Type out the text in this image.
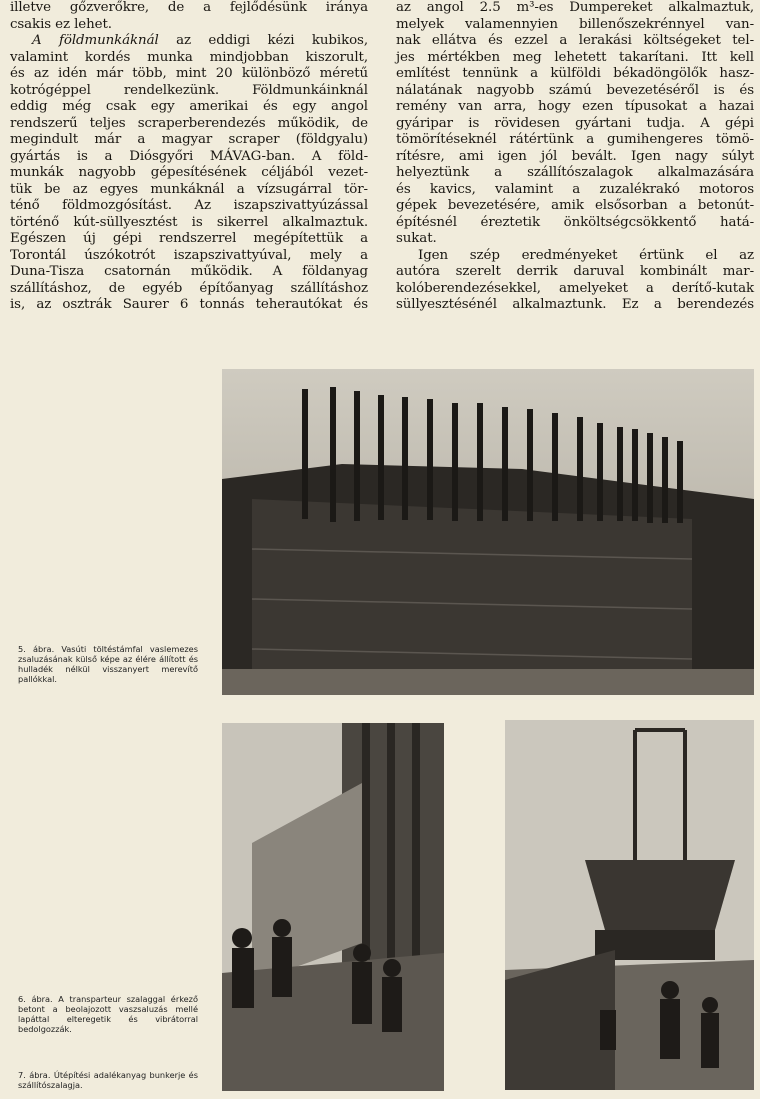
illetve gőzverőkre, de a fejlődésünk iránya
csakis ez lehet.

A földmunkáknál az eddigi kézi kubikos,
valamint kordés munka mindjobban kiszorult,
és az idén már több, mint 20 különböző méretű
kotrógéppel rendelkezünk. Földmunkáinknál
eddig még csak egy amerikai és egy angol
rendszerű teljes scraperberendezés működik, de
megindult már a magyar scraper (földgyalu)
gyártás is a Diósgyőri MÁVAG-ban. A föld-
munkák nagyobb gépesítésének céljából vezet-
tük be az egyes munkáknál a vízsugárral tör-
ténő földmozgósítást. Az iszapszivattyúzással
történő kút-süllyesztést is sikerrel alkalmaztuk.
Egészen új gépi rendszerrel megépítettük a
Torontál úszókotrót iszapszivattyúval, mely a
Duna-Tisza csatornán működik. A földanyag
szállításhoz, de egyéb építőanyag szállításhoz
is, az osztrák Saurer 6 tonnás teherautókat és

az angol 2.5 m³-es Dumpereket alkalmaztuk,
melyek valamennyien billenőszekrénnyel van-
nak ellátva és ezzel a lerakási költségeket tel-
jes mértékben meg lehetett takarítani. Itt kell
említést tennünk a külföldi békadöngölők hasz-
nálatának nagyobb számú bevezetéséről is és
remény van arra, hogy ezen típusokat a hazai
gyáripar is rövidesen gyártani tudja. A gépi
tömörítéseknél rátértünk a gumihengeres tömö-
rítésre, ami igen jól bevált. Igen nagy súlyt
helyeztünk a szállítószalagok alkalmazására
és kavics, valamint a zuzalékrakó motoros
gépek bevezetésére, amik elsősorban a betonút-
építésnél éreztetik önköltségcsökkentő hatá-
sukat.

Igen szép eredményeket értünk el az
autóra szerelt derrik daruval kombinált mar-
kolóberendezésekkel, amelyeket a derítő-kutak
süllyesztésénél alkalmaztunk. Ez a berendezés

5. ábra. Vasúti töltéstámfal vaslemezes zsaluzásának külső képe az élére állított és hulladék nélkül visszanyert merevítő pallókkal.
6. ábra. A transparteur szalaggal érkező betont a beolajozott vaszsaluzás mellé lapáttal elteregetik és vibrátorral bedolgozzák.
7. ábra. Útépítési adalékanyag bunkerje és szállítószalagja.
